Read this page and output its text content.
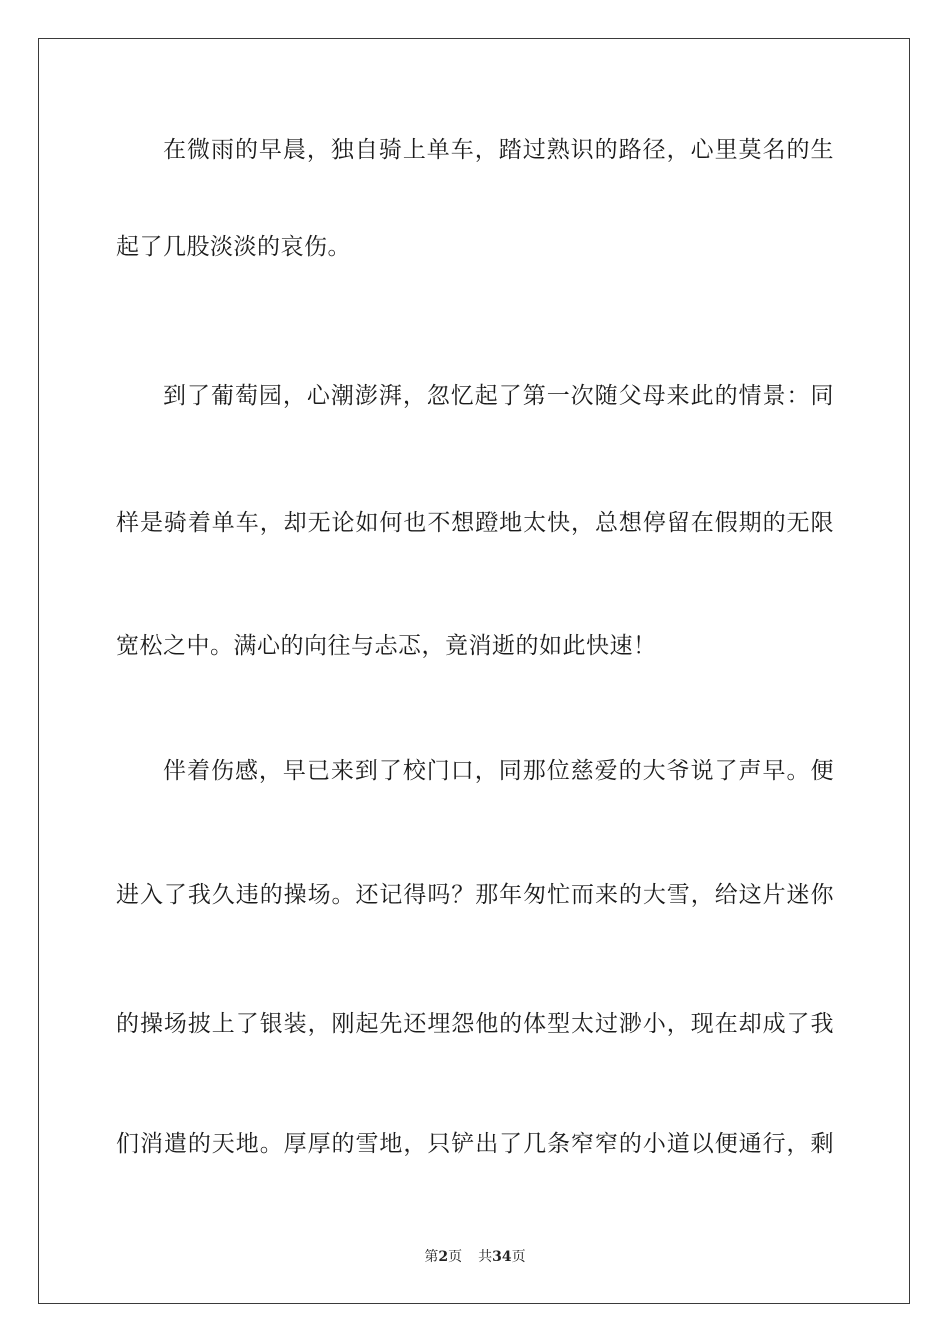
在微雨的早晨，独自骑上单车，踏过熟识的路径，心里莫名的生
起了几股淡淡的哀伤。
到了葡萄园，心潮澎湃，忽忆起了第一次随父母来此的情景：同
样是骑着单车，却无论如何也不想蹬地太快，总想停留在假期的无限
宽松之中。满心的向往与忐忑，竟消逝的如此快速！
伴着伤感，早已来到了校门口，同那位慈爱的大爷说了声早。便
进入了我久违的操场。还记得吗？那年匆忙而来的大雪，给这片迷你
的操场披上了银装，刚起先还埋怨他的体型太过渺小，现在却成了我
们消遣的天地。厚厚的雪地，只铲出了几条窄窄的小道以便通行，剩
第2页 共34页
